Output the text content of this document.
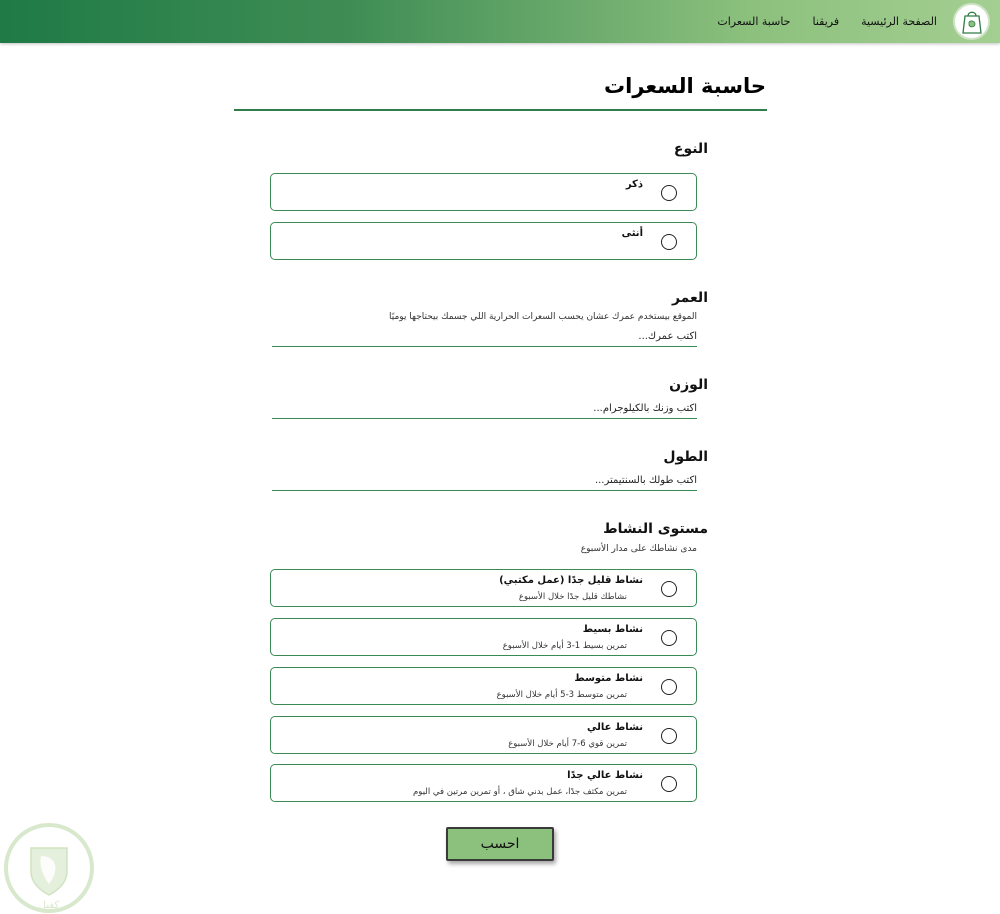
الصفحة الرئيسية
فريقنا
حاسبة السعرات
حاسبة السعرات
النوع
ذكر
أنثى
العمر
الموقع بيستخدم عمرك عشان يحسب السعرات الحرارية اللي جسمك بيحتاجها يوميًا
اكتب عمرك...
الوزن
اكتب وزنك بالكيلوجرام...
الطول
اكتب طولك بالسنتيمتر...
مستوى النشاط
مدى نشاطك على مدار الأسبوع
نشاط قليل جدًا (عمل مكتبي)
نشاطك قليل جدًا خلال الأسبوع
نشاط بسيط
تمرين بسيط 1-3 أيام خلال الأسبوع
نشاط متوسط
تمرين متوسط 3-5 أيام خلال الأسبوع
نشاط عالي
تمرين قوي 6-7 أيام خلال الأسبوع
نشاط عالي جدًا
تمرين مكثف جدًا، عمل بدني شاق ، أو تمرين مرتين في اليوم
احسب
كفيل
